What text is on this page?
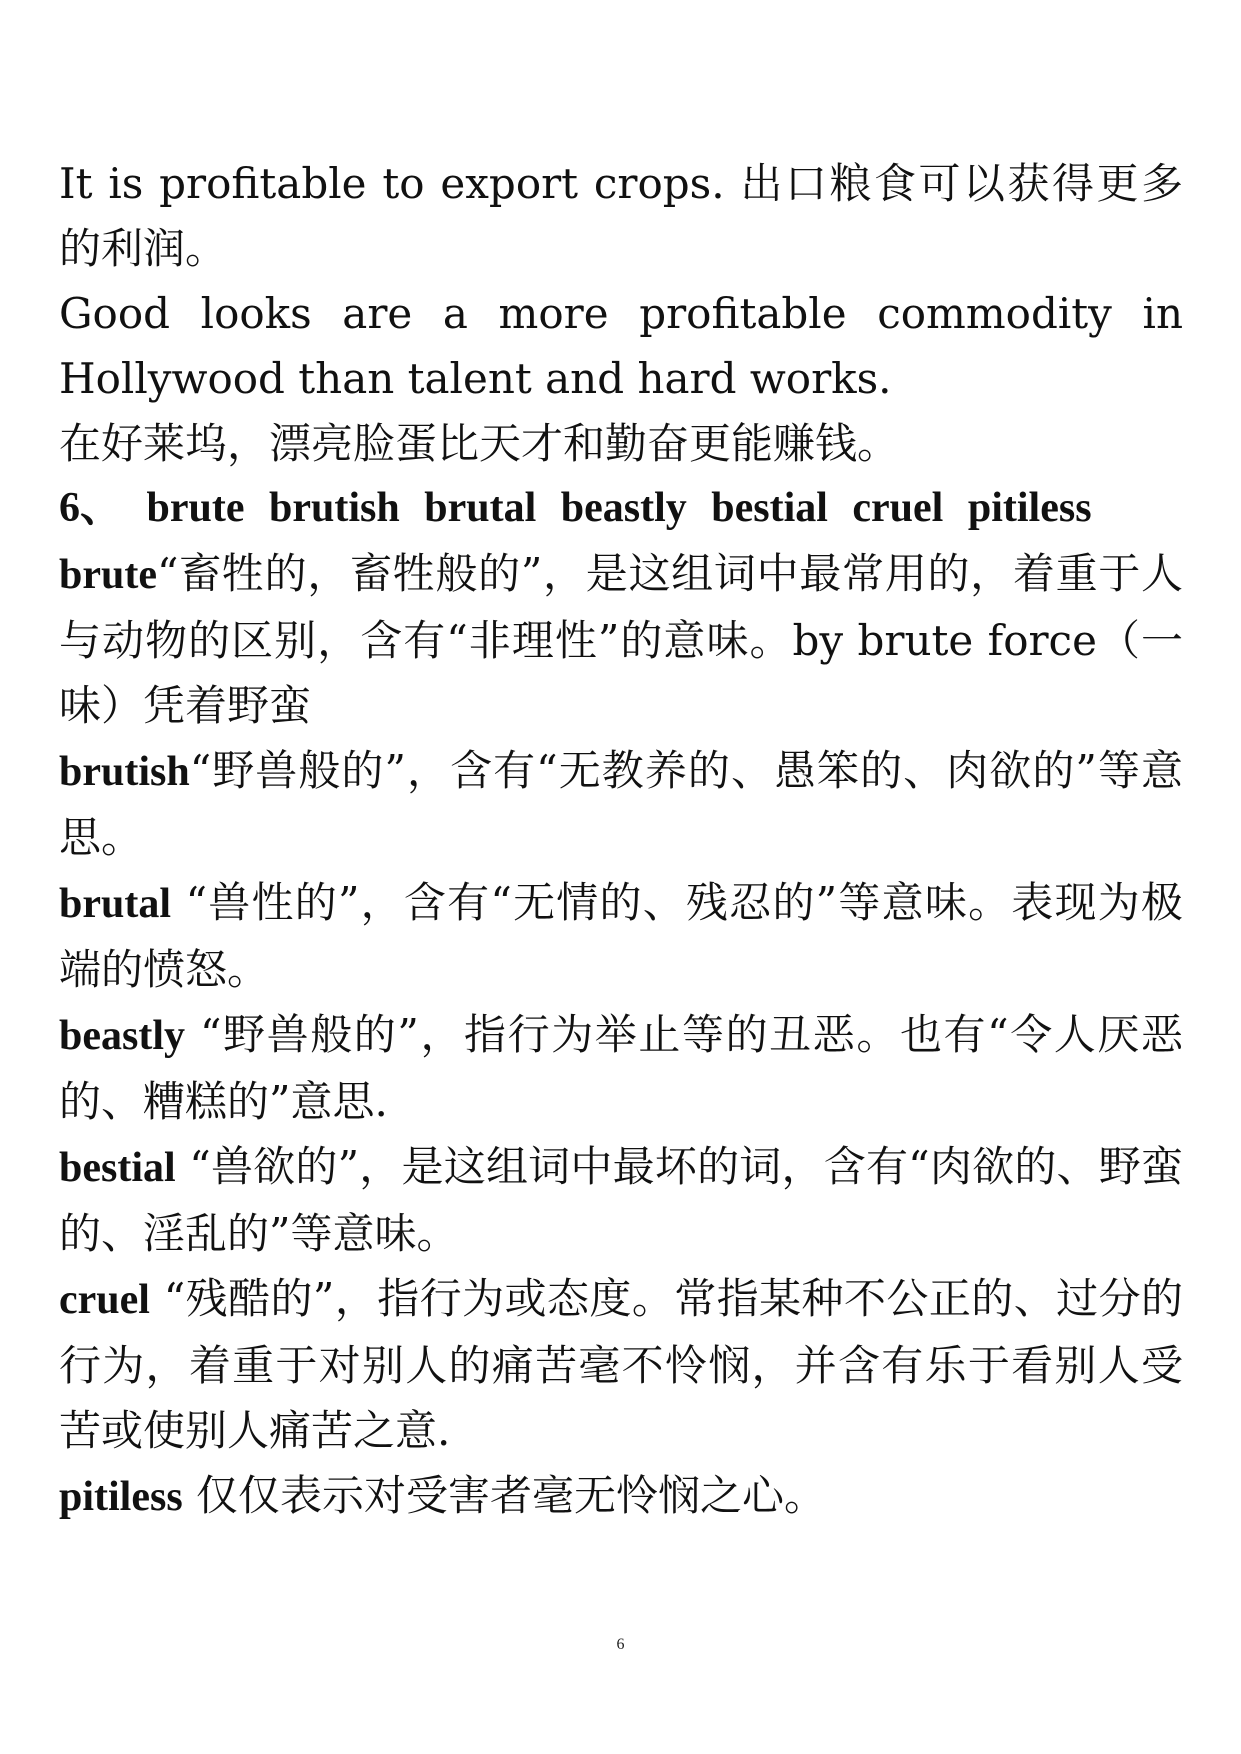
It is profitable to export crops. 出口粮食可以获得更多的利润。

Good looks are a more profitable commodity in Hollywood than talent and hard works.

在好莱坞，漂亮脸蛋比天才和勤奋更能赚钱。

6、 brute brutish brutal beastly bestial cruel pitiless

brute“畜牲的，畜牲般的”，是这组词中最常用的，着重于人与动物的区别，含有“非理性”的意味。by brute force（一味）凭着野蛮

brutish“野兽般的”，含有“无教养的、愚笨的、肉欲的”等意思。

brutal “兽性的”，含有“无情的、残忍的”等意味。表现为极端的愤怒。

beastly “野兽般的”，指行为举止等的丑恶。也有“令人厌恶的、糟糕的”意思.

bestial “兽欲的”，是这组词中最坏的词，含有“肉欲的、野蛮的、淫乱的”等意味。

cruel “残酷的”，指行为或态度。常指某种不公正的、过分的行为，着重于对别人的痛苦毫不怜悯，并含有乐于看别人受苦或使别人痛苦之意.

pitiless 仅仅表示对受害者毫无怜悯之心。

6
